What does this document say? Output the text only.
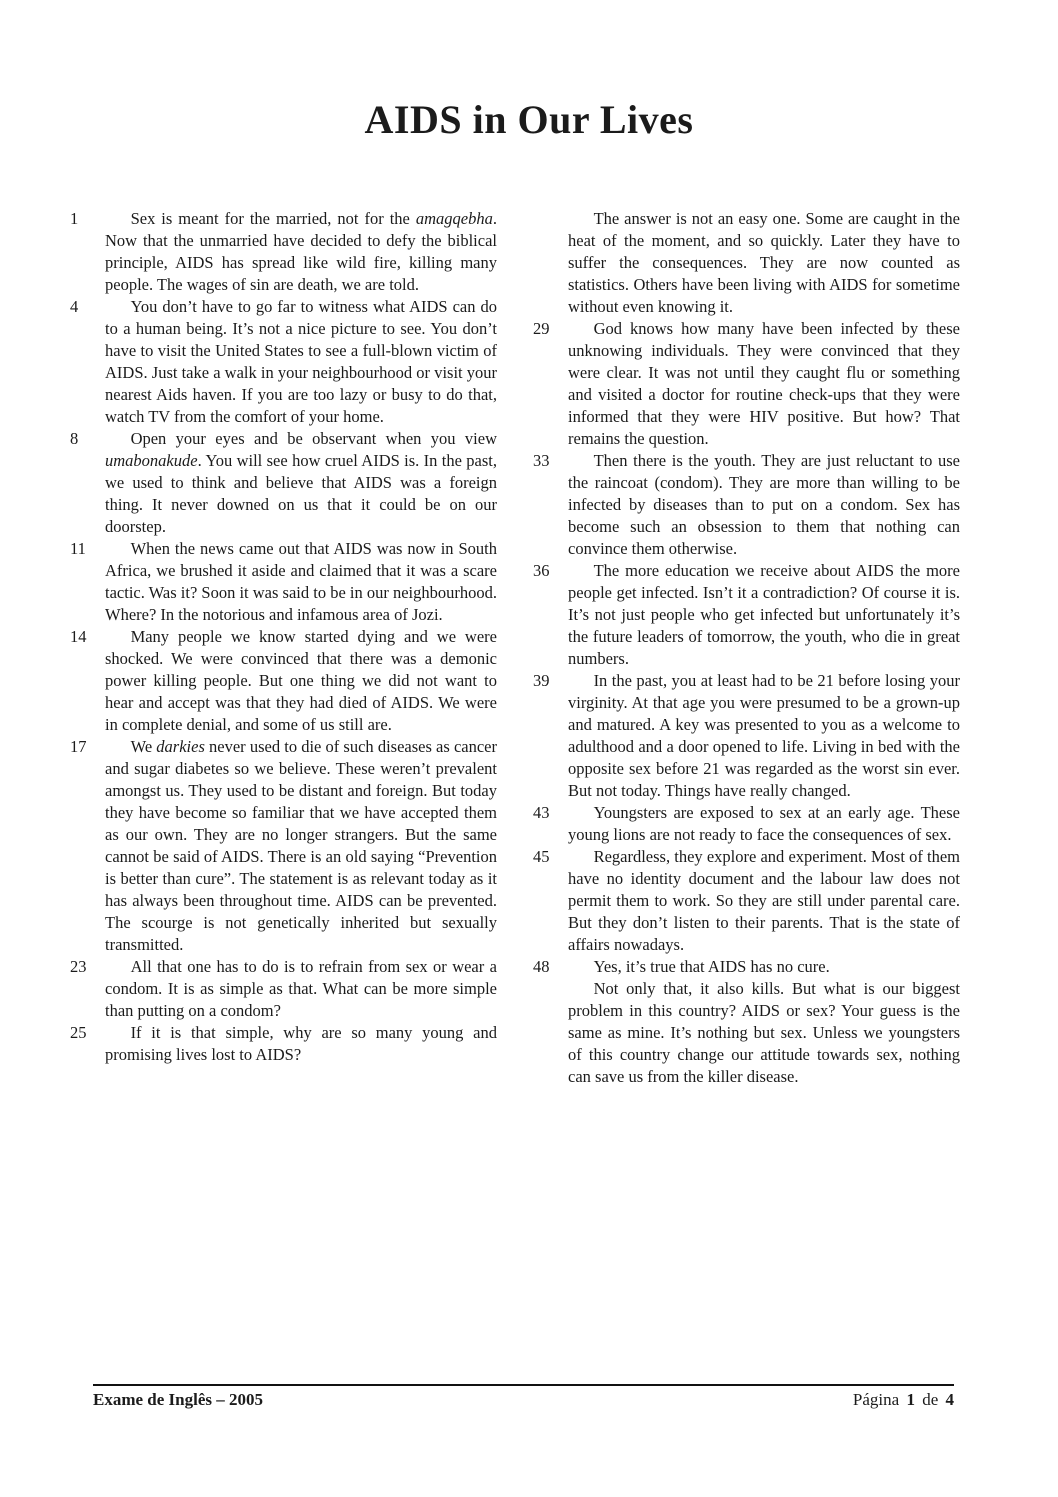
AIDS in Our Lives
1	Sex is meant for the married, not for the amagqebha. Now that the unmarried have decided to defy the biblical principle, AIDS has spread like wild fire, killing many people. The wages of sin are death, we are told.

4	You don’t have to go far to witness what AIDS can do to a human being. It’s not a nice picture to see. You don’t have to visit the United States to see a full-blown victim of AIDS. Just take a walk in your neighbourhood or visit your nearest Aids haven. If you are too lazy or busy to do that, watch TV from the comfort of your home.

8	Open your eyes and be observant when you view umabonakude. You will see how cruel AIDS is. In the past, we used to think and believe that AIDS was a foreign thing. It never downed on us that it could be on our doorstep.

11	When the news came out that AIDS was now in South Africa, we brushed it aside and claimed that it was a scare tactic. Was it? Soon it was said to be in our neighbourhood. Where? In the notorious and infamous area of Jozi.

14	Many people we know started dying and we were shocked. We were convinced that there was a demonic power killing people. But one thing we did not want to hear and accept was that they had died of AIDS. We were in complete denial, and some of us still are.

17	We darkies never used to die of such diseases as cancer and sugar diabetes so we believe. These weren’t prevalent amongst us. They used to be distant and foreign. But today they have become so familiar that we have accepted them as our own. They are no longer strangers. But the same cannot be said of AIDS. There is an old saying “Prevention is better than cure”. The statement is as relevant today as it has always been throughout time. AIDS can be prevented. The scourge is not genetically inherited but sexually transmitted.

23	All that one has to do is to refrain from sex or wear a condom. It is as simple as that. What can be more simple than putting on a condom?

25	If it is that simple, why are so many young and promising lives lost to AIDS?

The answer is not an easy one. Some are caught in the heat of the moment, and so quickly. Later they have to suffer the consequences. They are now counted as statistics. Others have been living with AIDS for sometime without even knowing it.

29	God knows how many have been infected by these unknowing individuals. They were convinced that they were clear. It was not until they caught flu or something and visited a doctor for routine check-ups that they were informed that they were HIV positive. But how? That remains the question.

33	Then there is the youth. They are just reluctant to use the raincoat (condom). They are more than willing to be infected by diseases than to put on a condom. Sex has become such an obsession to them that nothing can convince them otherwise.

36	The more education we receive about AIDS the more people get infected. Isn’t it a contradiction? Of course it is. It’s not just people who get infected but unfortunately it’s the future leaders of tomorrow, the youth, who die in great numbers.

39	In the past, you at least had to be 21 before losing your virginity. At that age you were presumed to be a grown-up and matured. A key was presented to you as a welcome to adulthood and a door opened to life. Living in bed with the opposite sex before 21 was regarded as the worst sin ever. But not today. Things have really changed.

43	Youngsters are exposed to sex at an early age. These young lions are not ready to face the consequences of sex.

45	Regardless, they explore and experiment. Most of them have no identity document and the labour law does not permit them to work. So they are still under parental care. But they don’t listen to their parents. That is the state of affairs nowadays.

48	Yes, it’s true that AIDS has no cure.

Not only that, it also kills. But what is our biggest problem in this country? AIDS or sex? Your guess is the same as mine. It’s nothing but sex. Unless we youngsters of this country change our attitude towards sex, nothing can save us from the killer disease.

Exame de Inglês – 2005	Página 1 de 4
